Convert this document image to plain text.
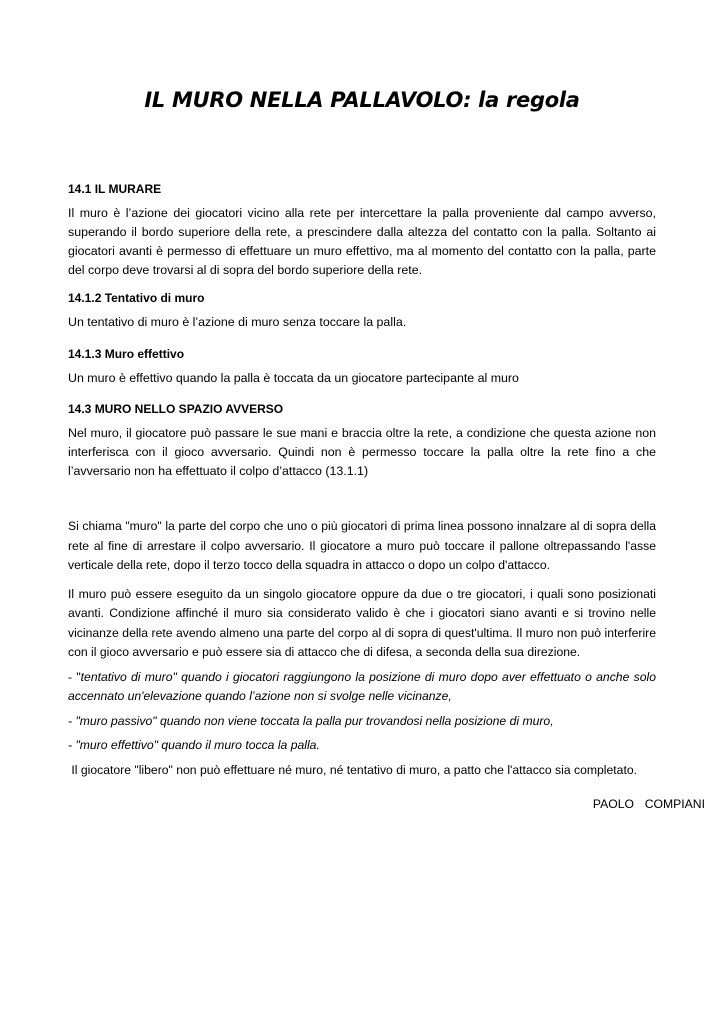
IL MURO NELLA PALLAVOLO: la regola

14.1 IL MURARE

Il muro è l’azione dei giocatori vicino alla rete per intercettare la palla proveniente dal campo avverso, superando il bordo superiore della rete, a prescindere dalla altezza del contatto con la palla. Soltanto ai giocatori avanti è permesso di effettuare un muro effettivo, ma al momento del contatto con la palla, parte del corpo deve trovarsi al di sopra del bordo superiore della rete.

14.1.2 Tentativo di muro

Un tentativo di muro è l’azione di muro senza toccare la palla.

14.1.3 Muro effettivo

Un muro è effettivo quando la palla è toccata da un giocatore partecipante al muro

14.3 MURO NELLO SPAZIO AVVERSO

Nel muro, il giocatore può passare le sue mani e braccia oltre la rete, a condizione che questa azione non interferisca con il gioco avversario. Quindi non è permesso toccare la palla oltre la rete fino a che l’avversario non ha effettuato il colpo d’attacco (13.1.1)

Si chiama "muro" la parte del corpo che uno o più giocatori di prima linea possono innalzare al di sopra della rete al fine di arrestare il colpo avversario. Il giocatore a muro può toccare il pallone oltrepassando l'asse verticale della rete, dopo il terzo tocco della squadra in attacco o dopo un colpo d'attacco.

Il muro può essere eseguito da un singolo giocatore oppure da due o tre giocatori, i quali sono posizionati avanti. Condizione affinché il muro sia considerato valido è che i giocatori siano avanti e si trovino nelle vicinanze della rete avendo almeno una parte del corpo al di sopra di quest'ultima. Il muro non può interferire con il gioco avversario e può essere sia di attacco che di difesa, a seconda della sua direzione.

- "tentativo di muro" quando i giocatori raggiungono la posizione di muro dopo aver effettuato o anche solo accennato un'elevazione quando l’azione non si svolge nelle vicinanze,

- "muro passivo" quando non viene toccata la palla pur trovandosi nella posizione di muro,

- "muro effettivo" quando il muro tocca la palla.

Il giocatore "libero" non può effettuare né muro, né tentativo di muro, a patto che l'attacco sia completato.

PAOLO  COMPIANI
